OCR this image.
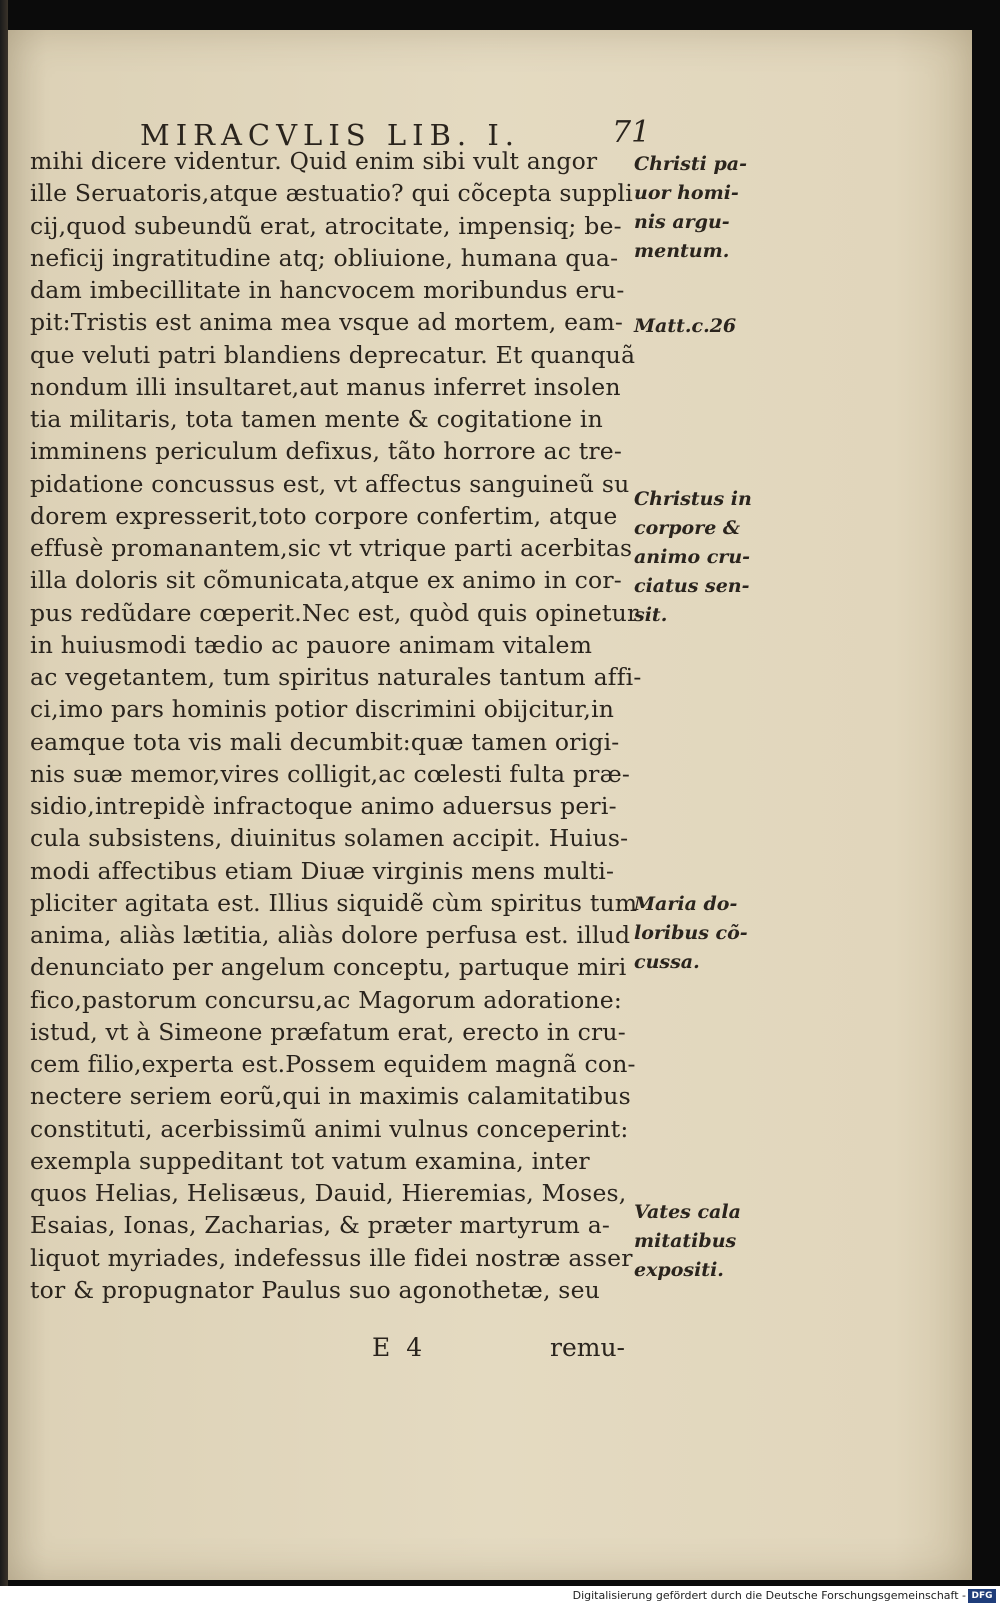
MIRACVLIS LIB. I.	71
mihi dicere videntur. Quid enim sibi vult angor
ille Seruatoris,atque æstuatio? qui cõcepta suppli
cij,quod subeundũ erat, atrocitate, impensiq; be-
neficij ingratitudine atq; obliuione, humana qua-
dam imbecillitate in hancvocem moribundus eru-
pit:Tristis est anima mea vsque ad mortem, eam-
que veluti patri blandiens deprecatur. Et quanquã
nondum illi insultaret,aut manus inferret insolen
tia militaris, tota tamen mente & cogitatione in
imminens periculum defixus, tãto horrore ac tre-
pidatione concussus est, vt affectus sanguineũ su
dorem expresserit,toto corpore confertim, atque
effusè promanantem,sic vt vtrique parti acerbitas
illa doloris sit cõmunicata,atque ex animo in cor-
pus redũdare cœperit.Nec est, quòd quis opinetur
in huiusmodi tædio ac pauore animam vitalem
ac vegetantem, tum spiritus naturales tantum affi-
ci,imo pars hominis potior discrimini obijcitur,in
eamque tota vis mali decumbit:quæ tamen origi-
nis suæ memor,vires colligit,ac cœlesti fulta præ-
sidio,intrepidè infractoque animo aduersus peri-
cula subsistens, diuinitus solamen accipit. Huius-
modi affectibus etiam Diuæ virginis mens multi-
pliciter agitata est. Illius siquidẽ cùm spiritus tum
anima, aliàs lætitia, aliàs dolore perfusa est. illud
denunciato per angelum conceptu, partuque miri
fico,pastorum concursu,ac Magorum adoratione:
istud, vt à Simeone præfatum erat, erecto in cru-
cem filio,experta est.Possem equidem magnã con-
nectere seriem eorũ,qui in maximis calamitatibus
constituti, acerbissimũ animi vulnus conceperint:
exempla suppeditant tot vatum examina, inter
quos Helias, Helisæus, Dauid, Hieremias, Moses,
Esaias, Ionas, Zacharias, & præter martyrum a-
liquot myriades, indefessus ille fidei nostræ asser
tor & propugnator Paulus suo agonothetæ, seu
Christi pa-
uor homi-
nis argu-
mentum.
Matt.c.26
Christus in
corpore &
animo cru-
ciatus sen-
sit.
Maria do-
loribus cõ-
cussa.
Vates cala
mitatibus
expositi.
E 4	remu-
Digitalisierung gefördert durch die Deutsche Forschungsgemeinschaft - DFG
